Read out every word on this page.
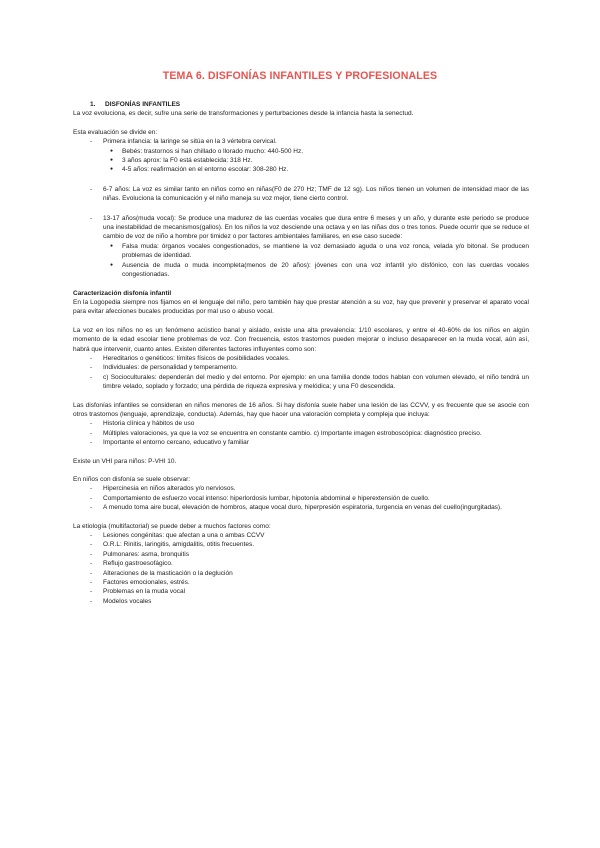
TEMA 6. DISFONÍAS INFANTILES Y PROFESIONALES

1. DISFONÍAS INFANTILES

La voz evoluciona, es decir, sufre una serie de transformaciones y perturbaciones desde la infancia hasta la senectud.

Esta evaluación se divide en:

- Primera infancia: la laringe se sitúa en la 3 vértebra cervical.
● Bebés: trastornos si han chillado o llorado mucho: 440-500 Hz.
● 3 años aprox: la F0 está establecida: 318 Hz.
● 4-5 años: reafirmación en el entorno escolar: 308-280 Hz.
- 6-7 años: La voz es similar tanto en niños como en niñas(F0 de 270 Hz; TMF de 12 sg). Los niños tienen un volumen de intensidad maor de las niñas. Evoluciona la comunicación y el niño maneja su voz mejor, tiene cierto control.
- 13-17 años(muda vocal): Se produce una madurez de las cuerdas vocales que dura entre 6 meses y un año, y durante este periodo se produce una inestabilidad de mecanismos(gallos). En los niños la voz desciende una octava y en las niñas dos o tres tonos. Puede ocurrir que se reduce el cambio de voz de niño a hombre por timidez o por factores ambientales familiares, en ese caso sucede:
● Falsa muda: órganos vocales congestionados, se mantiene la voz demasiado aguda o una voz ronca, velada y/o bitonal. Se producen problemas de identidad.
● Ausencia de muda o muda incompleta(menos de 20 años): jóvenes con una voz infantil y/o disfónico, con las cuerdas vocales congestionadas.

Caracterización disfonía infantil

En la Logopedia siempre nos fijamos en el lenguaje del niño, pero también hay que prestar atención a su voz, hay que prevenir y preservar el aparato vocal para evitar afecciones bucales producidas por mal uso o abuso vocal.

La voz en los niños no es un fenómeno acústico banal y aislado, existe una alta prevalencia: 1/10 escolares, y entre el 40-60% de los niños en algún momento de la edad escolar tiene problemas de voz. Con frecuencia, estos trastornos pueden mejorar o incluso desaparecer en la muda vocal, aún así, habrá que intervenir, cuanto antes. Existen diferentes factores influyentes como son:

- Hereditarios o genéticos: límites físicos de posibilidades vocales.
- Individuales: de personalidad y temperamento.
- c) Socioculturales: dependerán del medio y del entorno. Por ejemplo: en una familia donde todos hablan con volumen elevado, el niño tendrá un timbre velado, soplado y forzado; una pérdida de riqueza expresiva y melódica; y una F0 descendida.

Las disfonías infantiles se consideran en niños menores de 16 años. Si hay disfonía suele haber una lesión de las CCVV, y es frecuente que se asocie con otros trastornos (lenguaje, aprendizaje, conducta). Además, hay que hacer una valoración completa y compleja que incluya:

- Historia clínica y hábitos de uso
- Múltiples valoraciones, ya que la voz se encuentra en constante cambio. c) Importante imagen estroboscópica: diagnóstico preciso.
- Importante el entorno cercano, educativo y familiar

Existe un VHI para niños: P-VHI 10.

En niños con disfonía se suele observar:

- Hipercinesia en niños alterados y/o nerviosos.
- Comportamiento de esfuerzo vocal intenso: hiperlordosis lumbar, hipotonía abdominal e hiperextensión de cuello.
- A menudo toma aire bucal, elevación de hombros, ataque vocal duro, hiperpresión espiratoria, turgencia en venas del cuello(ingurgitadas).

La etiología (multifactorial) se puede deber a muchos factores como:

- Lesiones congénitas: que afectan a una o ambas CCVV
- O.R.L: Rinitis, laringitis, amigdalitis, otitis frecuentes.
- Pulmonares: asma, bronquitis
- Reflujo gastroesofágico.
- Alteraciones de la masticación o la deglución
- Factores emocionales, estrés.
- Problemas en la muda vocal
- Modelos vocales
